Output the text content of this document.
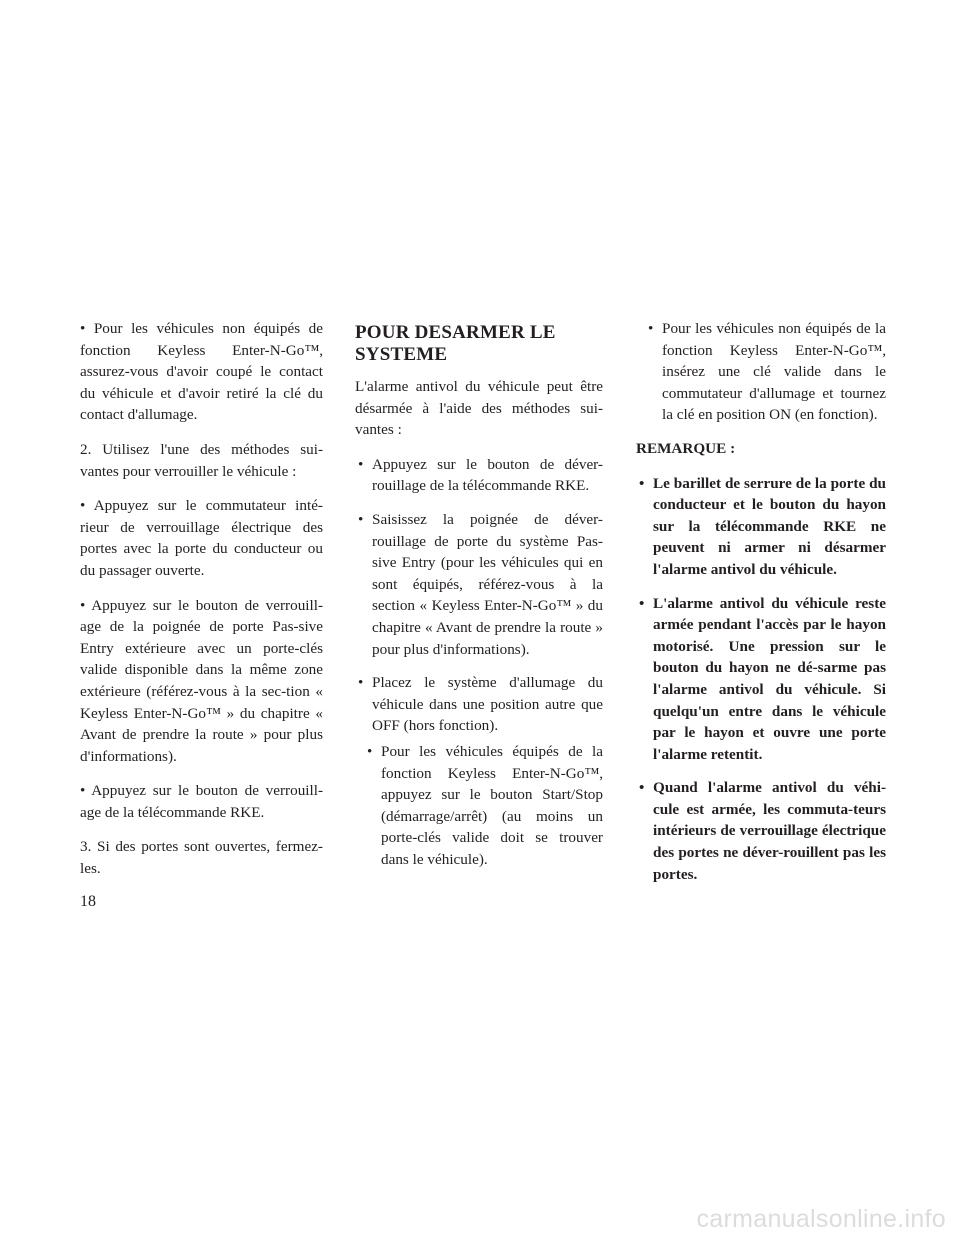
• Pour les véhicules non équipés de fonction Keyless Enter-N-Go™, assurez-vous d'avoir coupé le contact du véhicule et d'avoir retiré la clé du contact d'allumage.

2. Utilisez l'une des méthodes sui-vantes pour verrouiller le véhicule :

• Appuyez sur le commutateur inté-rieur de verrouillage électrique des portes avec la porte du conducteur ou du passager ouverte.

• Appuyez sur le bouton de verrouill-age de la poignée de porte Pas-sive Entry extérieure avec un porte-clés valide disponible dans la même zone extérieure (référez-vous à la sec-tion « Keyless Enter-N-Go™ » du chapitre « Avant de prendre la route » pour plus d'informations).

• Appuyez sur le bouton de verrouill-age de la télécommande RKE.

3. Si des portes sont ouvertes, fermez-les.

POUR DESARMER LE SYSTEME

L'alarme antivol du véhicule peut être désarmée à l'aide des méthodes sui-vantes :

• Appuyez sur le bouton de déver-rouillage de la télécommande RKE.
• Saisissez la poignée de déver-rouillage de porte du système Pas-sive Entry (pour les véhicules qui en sont équipés, référez-vous à la section « Keyless Enter-N-Go™ » du chapitre « Avant de prendre la route » pour plus d'informations).
• Placez le système d'allumage du véhicule dans une position autre que OFF (hors fonction).
• Pour les véhicules équipés de la fonction Keyless Enter-N-Go™, appuyez sur le bouton Start/Stop (démarrage/arrêt) (au moins un porte-clés valide doit se trouver dans le véhicule).
• Pour les véhicules non équipés de la fonction Keyless Enter-N-Go™, insérez une clé valide dans le commutateur d'allumage et tournez la clé en position ON (en fonction).

REMARQUE :

• Le barillet de serrure de la porte du conducteur et le bouton du hayon sur la télécommande RKE ne peuvent ni armer ni désarmer l'alarme antivol du véhicule.
• L'alarme antivol du véhicule reste armée pendant l'accès par le hayon motorisé. Une pression sur le bouton du hayon ne dé-sarme pas l'alarme antivol du véhicule. Si quelqu'un entre dans le véhicule par le hayon et ouvre une porte l'alarme retentit.
• Quand l'alarme antivol du véhi-cule est armée, les commuta-teurs intérieurs de verrouillage électrique des portes ne déver-rouillent pas les portes.
18
carmanualsonline.info
